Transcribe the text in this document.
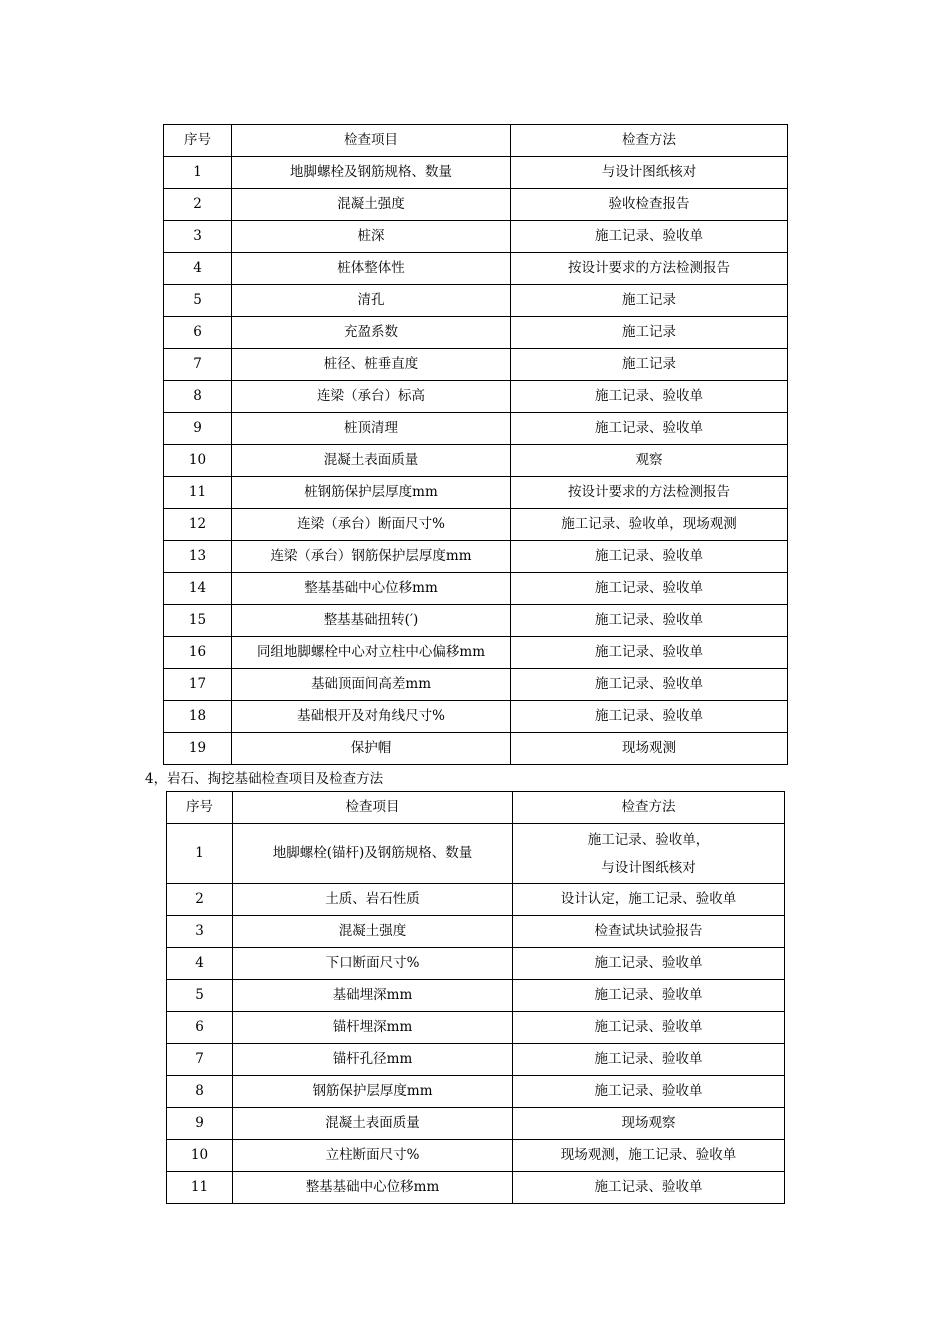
序号	检查项目	检查方法
1	地脚螺栓及钢筋规格、数量	与设计图纸核对
2	混凝土强度	验收检查报告
3	桩深	施工记录、验收单
4	桩体整体性	按设计要求的方法检测报告
5	清孔	施工记录
6	充盈系数	施工记录
7	桩径、桩垂直度	施工记录
8	连梁（承台）标高	施工记录、验收单
9	桩顶清理	施工记录、验收单
10	混凝土表面质量	观察
11	桩钢筋保护层厚度mm	按设计要求的方法检测报告
12	连梁（承台）断面尺寸%	施工记录、验收单，现场观测
13	连梁（承台）钢筋保护层厚度mm	施工记录、验收单
14	整基基础中心位移mm	施工记录、验收单
15	整基基础扭转(′)	施工记录、验收单
16	同组地脚螺栓中心对立柱中心偏移mm	施工记录、验收单
17	基础顶面间高差mm	施工记录、验收单
18	基础根开及对角线尺寸%	施工记录、验收单
19	保护帽	现场观测
4，岩石、掏挖基础检查项目及检查方法
序号	检查项目	检查方法
1	地脚螺栓(锚杆)及钢筋规格、数量	施工记录、验收单，
与设计图纸核对

2	土质、岩石性质	设计认定，施工记录、验收单
3	混凝土强度	检查试块试验报告
4	下口断面尺寸%	施工记录、验收单
5	基础埋深mm	施工记录、验收单
6	锚杆埋深mm	施工记录、验收单
7	锚杆孔径mm	施工记录、验收单
8	钢筋保护层厚度mm	施工记录、验收单
9	混凝土表面质量	现场观察
10	立柱断面尺寸%	现场观测，施工记录、验收单
11	整基基础中心位移mm	施工记录、验收单
